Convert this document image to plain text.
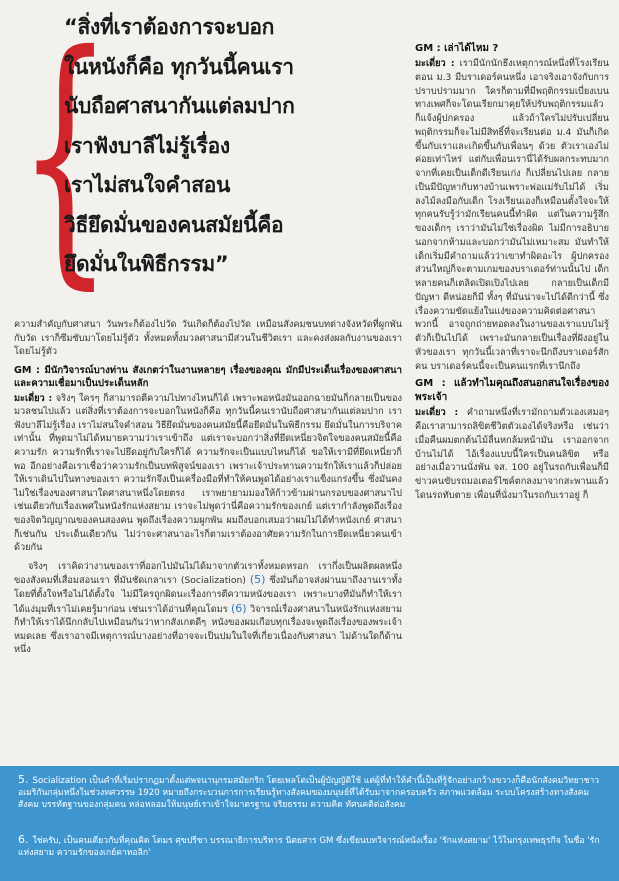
{
“สิ่งที่เราต้องการจะบอก
ในหนังก็คือ ทุกวันนี้คนเรา
นับถือศาสนากันแต่ลมปาก
เราฟังบาลีไม่รู้เรื่อง
เราไม่สนใจคำสอน
วิธียึดมั่นของคนสมัยนี้คือ
ยึดมั่นในพิธีกรรม”

ความสำคัญกับศาสนา วันพระก็ต้องไปวัด วันเกิดก็ต้องไปวัด เหมือนสังคมชนบทต่างจังหวัดที่ผูกพันกับวัด เราก็ซึมซับมาโดยไม่รู้ตัว ทั้งหมดทั้งมวลศาสนามีส่วนในชีวิตเรา และคงส่งผลกับงานของเราโดยไม่รู้ตัว

GM : มีนักวิจารณ์บางท่าน สังเกตว่าในงานหลายๆ เรื่องของคุณ มักมีประเด็นเรื่องของศาสนาและความเชื่อมาเป็นประเด็นหลัก

มะเดี่ยว : จริงๆ ใครๆ ก็สามารถตีความไปทางไหนก็ได้ เพราะพอหนังมันออกฉายมันก็กลายเป็นของมวลชนไปแล้ว แต่สิ่งที่เราต้องการจะบอกในหนังก็คือ ทุกวันนี้คนเรานับถือศาสนากันแต่ลมปาก เราฟังบาลีไม่รู้เรื่อง เราไม่สนใจคำสอน วิธียึดมั่นของคนสมัยนี้คือยึดมั่นในพิธีกรรม ยึดมั่นในการบริจาคเท่านั้น ที่พูดมาไม่ได้หมายความว่าเราเข้าถึง แต่เราจะบอกว่าสิ่งที่ยึดเหนี่ยวจิตใจของคนสมัยนี้คือความรัก ความรักที่เราจะไปยึดอยู่กับใครก็ได้ ความรักจะเป็นแบบไหนก็ได้ ขอให้เรามีที่ยึดเหนี่ยวก็พอ อีกอย่างคือเราเชื่อว่าความรักเป็นบทพิสูจน์ของเรา เพราะเจ้าประทานความรักให้เราแล้วก็ปล่อยให้เราเดินไปในทางของเรา ความรักจึงเป็นเครื่องมือที่ทำให้คนพูดได้อย่างเราแข็งแกร่งขึ้น ซึ่งมันคงไม่ใช่เรื่องของศาสนาใดศาสนาหนึ่งโดยตรง เราพยายามมองให้ก้าวข้ามผ่านกรอบของศาสนาไปเช่นเดียวกับเรื่องเพศในหนังรักแห่งสยาม เราจะไม่พูดว่านี่คือความรักของเกย์ แต่เรากำลังพูดถึงเรื่องของจิตวิญญาณของคนสองคน พูดถึงเรื่องความผูกพัน ผมถึงบอกเสมอว่าผมไม่ได้ทำหนังเกย์ ศาสนาก็เช่นกัน ประเด็นเดียวกัน ไม่ว่าจะศาสนาอะไรก็ตามเราต้องอาศัยความรักในการยึดเหนี่ยวคนเข้าด้วยกัน

จริงๆ เราคิดว่างานของเราที่ออกไปมันไม่ได้มาจากตัวเราทั้งหมดหรอก เรากึ่งเป็นผลิตผลหนึ่งของสังคมที่เสื่อมสอนเรา ที่มันชัดเกลาเรา (Socialization) (5) ซึ่งมันก็อาจส่งผ่านมาถึงงานเราทั้งโดยที่ตั้งใจหรือไม่ได้ตั้งใจ ไม่มีใครถูกผิดนะเรื่องการตีความหนังของเรา เพราะบางทีมันก็ทำให้เราได้แง่มุมที่เราไม่เคยรู้มาก่อน เช่นเราได้อ่านที่คุณโดมร (6) วิจารณ์เรื่องศาสนาในหนังรักแห่งสยาม ก็ทำให้เราได้นึกกลับไปเหมือนกันว่าหากสังเกตดีๆ หนังของผมเกือบทุกเรื่องจะพูดถึงเรื่องของพระเจ้าหมดเลย ซึ่งเราอาจมีเหตุการณ์บางอย่างที่อาจจะเป็นปมในใจที่เกี่ยวเนื่องกับศาสนา ไม่ด้านใดก็ด้านหนึ่ง

GM : เล่าได้ไหม ?

มะเดี่ยว : เรามีนักนักธึงเหตุการณ์หนึ่งที่โรงเรียน ตอน ม.3 มีบราเดอร์คนหนึ่ง เอาจริงเอาจังกับการปราบปรามมาก ใครก็ตามที่มีพฤติกรรมเบี่ยงเบนทางเพศก็จะโดนเรียกมาคุยให้ปรับพฤติกรรมแล้วก็แจ้งผู้ปกครอง แล้วถ้าใครไม่ปรับเปลี่ยนพฤติกรรมก็จะไม่มีสิทธิ์ที่จะเรียนต่อ ม.4 มันก็เกิดขึ้นกับเราและเกิดขึ้นกับเพื่อนๆ ด้วย ตัวเราเองไม่ค่อยเท่าไหร่ แต่กับเพื่อนเรานี่ได้รับผลกระทบมาก จากที่เคยเป็นเด็กดีเรียนเก่ง ก็เปลี่ยนไปเลย กลายเป็นมีปัญหากับทางบ้านเพราะพ่อแม่รับไม่ได้ เริ่มลงไม้ลงมือกับเด็ก โรงเรียนเองก็เหมือนตั้งใจจะให้ทุกคนรับรู้ว่ามักเรียนคนนี้ทำผิด แต่ในความรู้สึกของเด็กๆ เราว่ามันไม่ใช่เรื่องผิด ไม่มีการอธิบายนอกจากห้ามและบอกว่ามันไม่เหมาะสม มันทำให้เด็กเริ่มมีคำถามแล้วว่าเขาทำผิดอะไร ผู้ปกครองส่วนใหญ่ก็จะตามเกมของบราเดอร์ท่านนั้นไป เด็กหลายคนก็เตลิดเปิดเปิงไปเลย กลายเป็นเด็กมีปัญหา ดีหน่อยก็มี ทั้งๆ ที่มันน่าจะไปได้ดีกว่านี้ ซึ่งเรื่องความขัดแย้งในแง่ของความคิดต่อศาสนาพวกนี้ อาจถูกถ่ายทอดลงในงานของเราแบบไม่รู้ตัวก็เป็นไปได้ เพราะมันกลายเป็นเรื่องที่ฝังอยู่ในหัวของเรา ทุกวันนี้เวลาที่เราจะนึกถึงบราเดอร์สักคน บราเดอร์คนนี้จะเป็นคนแรกที่เรานึกถึง

GM : แล้วทำไมคุณถึงสนอกสนใจเรื่องของพระเจ้า

มะเดี่ยว : คำถามหนึ่งที่เรามักถามตัวเองเสมอๆ คือเราสามารถลิขิตชีวิตตัวเองได้จริงหรือ เช่นว่าเมื่อคืนผมตกต้นไม้ลื่นหกล้มหน้ามัน เราออกจากบ้านไม่ได้ ไอ้เรื่องแบบนี้ใครเป็นคนลิขิต หรืออย่างเมื่อวานนั่งพัน จส. 100 อยู่ในรถกับเพื่อนก็มีข่าวคนขับรถมอเตอร์ไซค์ตกลงมาจากสะพานแล้วโดนรถทับตาย เพื่อนที่นั่งมาในรถกับเราอยู่ ก็

5. Socialization เป็นคำที่เริ่มปรากฏมาตั้งแต่พจนานุกรมสมัยกริก โดยเพลโตเป็นผู้บัญญัติใช้ แต่ผู้ที่ทำให้คำนี้เป็นที่รู้จักอย่างกว้างขวางก็คือนักสังคมวิทยาชาวอเมริกันกลุ่มหนึ่งในช่วงทศวรรษ 1920 หมายถึงกระบวนการการเรียนรู้ทางสังคมของมนุษย์ที่ได้รับมาจากครอบครัว สภาพแวดล้อม ระบบโครงสร้างทางสังคม สังคม บรรทัดฐานของกลุ่มคน หล่อหลอมให้มนุษย์เราเข้าใจมาตรฐาน จริยธรรม ความคิด ทัศนคติต่อสังคม
6. ใช่ครับ, เป็นคนเดียวกับที่คุณคิด โดมร ศุขปรีชา บรรณาธิการบริหาร นิตยสาร GM ซึ่งเขียนบทวิจารณ์หนังเรื่อง 'รักแห่งสยาม' ไว้ในกรุงเทพธุรกิจ ในชื่อ 'รักแห่งสยาม ความรักของเกย์คาทอลิก'
